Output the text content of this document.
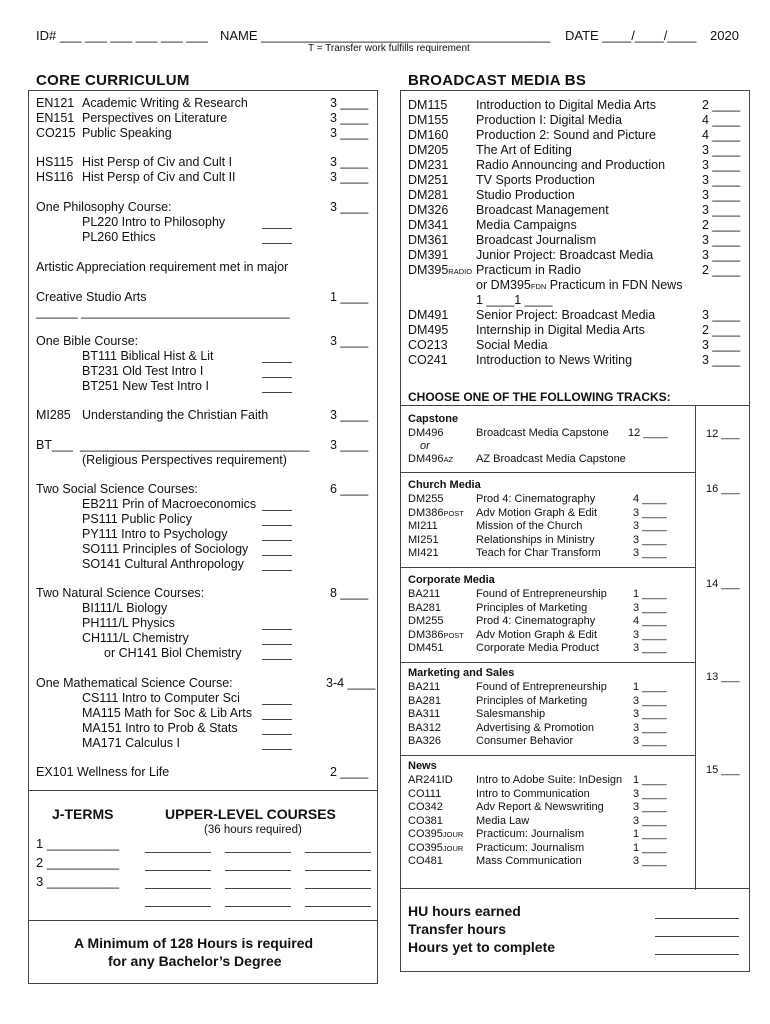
ID# ___ ___ ___ ___ ___ ___ NAME ________________________________________ DATE ____/____/____ 2020
T = Transfer work fulfills requirement
CORE CURRICULUM
EN121 Academic Writing & Research	3 ____
EN151 Perspectives on Literature	3 ____
CO215 Public Speaking	3 ____
HS115 Hist Persp of Civ and Cult I	3 ____
HS116 Hist Persp of Civ and Cult II	3 ____
One Philosophy Course:	3 ____
PL220 Intro to Philosophy
PL260 Ethics
Artistic Appreciation requirement met in major
Creative Studio Arts	1 ____
______ ______________________________
One Bible Course:	3 ____
BT111 Biblical Hist & Lit
BT231 Old Test Intro I
BT251 New Test Intro I
MI285 Understanding the Christian Faith	3 ____
BT___ _________________________________ 3 ____
(Religious Perspectives requirement)
Two Social Science Courses:	6 ____
EB211 Prin of Macroeconomics
PS111 Public Policy
PY111 Intro to Psychology
SO111 Principles of Sociology
SO141 Cultural Anthropology
Two Natural Science Courses:	8 ____
BI111/L Biology
PH111/L Physics
CH111/L Chemistry
or CH141 Biol Chemistry
One Mathematical Science Course:	3-4 ____
CS111 Intro to Computer Sci
MA115 Math for Soc & Lib Arts
MA151 Intro to Prob & Stats
MA171 Calculus I
EX101 Wellness for Life	2 ____
J-TERMS
1 __________
2 __________
3 __________
UPPER-LEVEL COURSES
(36 hours required)
A Minimum of 128 Hours is required
for any Bachelor’s Degree
BROADCAST MEDIA BS
DM115 Introduction to Digital Media Arts	2 ____
DM155 Production I: Digital Media	4 ____
DM160 Production 2: Sound and Picture	4 ____
DM205 The Art of Editing	3 ____
DM231 Radio Announcing and Production	3 ____
DM251 TV Sports Production	3 ____
DM281 Studio Production	3 ____
DM326 Broadcast Management	3 ____
DM341 Media Campaigns	2 ____
DM361 Broadcast Journalism	3 ____
DM391 Junior Project: Broadcast Media	3 ____
DM395RADIO Practicum in Radio	2 ____
or DM395FDN Practicum in FDN News
1 ____1 ____
DM491 Senior Project: Broadcast Media	3 ____
DM495 Internship in Digital Media Arts	2 ____
CO213 Social Media	3 ____
CO241 Introduction to News Writing	3 ____
CHOOSE ONE OF THE FOLLOWING TRACKS:
Capstone
12 ___
DM496	Broadcast Media Capstone 12 ____
or
DM496AZ AZ Broadcast Media Capstone
Church Media	16 ___
DM255	Prod 4: Cinematography	4 ____
DM386POST Adv Motion Graph & Edit	3 ____
MI211	Mission of the Church	3 ____
MI251	Relationships in Ministry	3 ____
MI421	Teach for Char Transform	3 ____
Corporate Media	14 ___
BA211	Found of Entrepreneurship 1 ____
BA281	Principles of Marketing	3 ____
DM255	Prod 4: Cinematography	4 ____
DM386POST Adv Motion Graph & Edit	3 ____
DM451	Corporate Media Product	3 ____
Marketing and Sales	13 ___
BA211	Found of Entrepreneurship 1 ____
BA281	Principles of Marketing	3 ____
BA311	Salesmanship	3 ____
BA312	Advertising & Promotion	3 ____
BA326	Consumer Behavior	3 ____
News	15 ___
AR241ID Intro to Adobe Suite: InDesign 1 ____
CO111	Intro to Communication	3 ____
CO342	Adv Report & Newswriting	3 ____
CO381	Media Law	3 ____
CO395JOUR Practicum: Journalism	1 ____
CO395JOUR Practicum: Journalism	1 ____
CO481	Mass Communication	3 ____
HU hours earned
Transfer hours
Hours yet to complete
